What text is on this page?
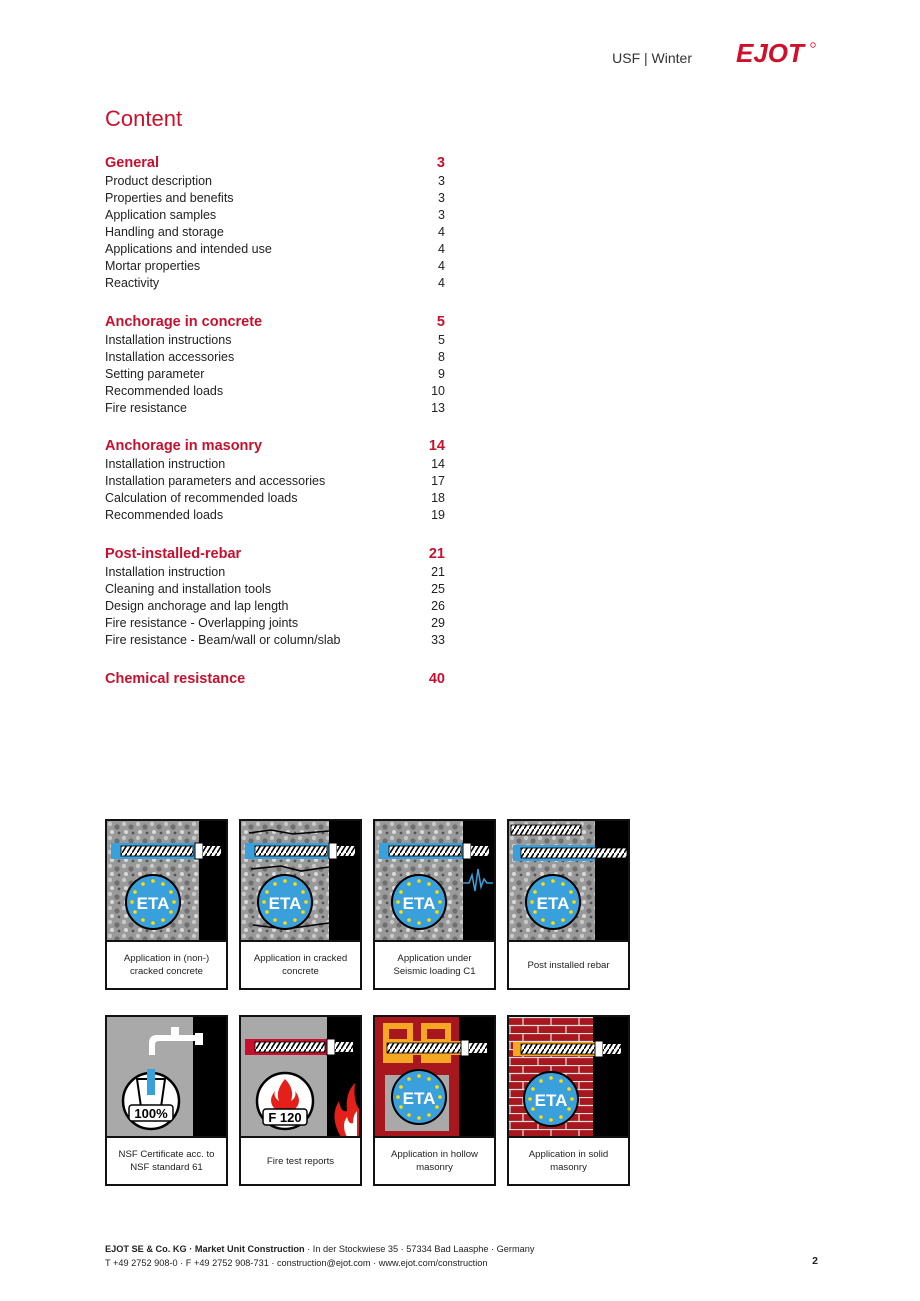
USF | Winter EJOT
Content
General	3
Product description	3
Properties and benefits	3
Application samples	3
Handling and storage	4
Applications and intended use	4
Mortar properties	4
Reactivity	4
Anchorage in concrete	5
Installation instructions	5
Installation accessories	8
Setting parameter	9
Recommended loads	10
Fire resistance	13
Anchorage in masonry	14
Installation instruction	14
Installation parameters and accessories	17
Calculation of recommended loads	18
Recommended loads	19
Post-installed-rebar	21
Installation instruction	21
Cleaning and installation tools	25
Design anchorage and lap length	26
Fire resistance - Overlapping joints	29
Fire resistance - Beam/wall or column/slab	33
Chemical resistance	40
ETA
Application in (non-) cracked concrete
ETA
Application in cracked concrete
ETA
Application under Seismic loading C1
ETA
Post installed rebar
100%
NSF Certificate acc. to NSF standard 61
F 120
Fire test reports
ETA
Application in hollow masonry
ETA
Application in solid masonry
EJOT SE & Co. KG · Market Unit Construction · In der Stockwiese 35 · 57334 Bad Laasphe · Germany
T +49 2752 908-0 · F +49 2752 908-731 · construction@ejot.com · www.ejot.com/construction	2
